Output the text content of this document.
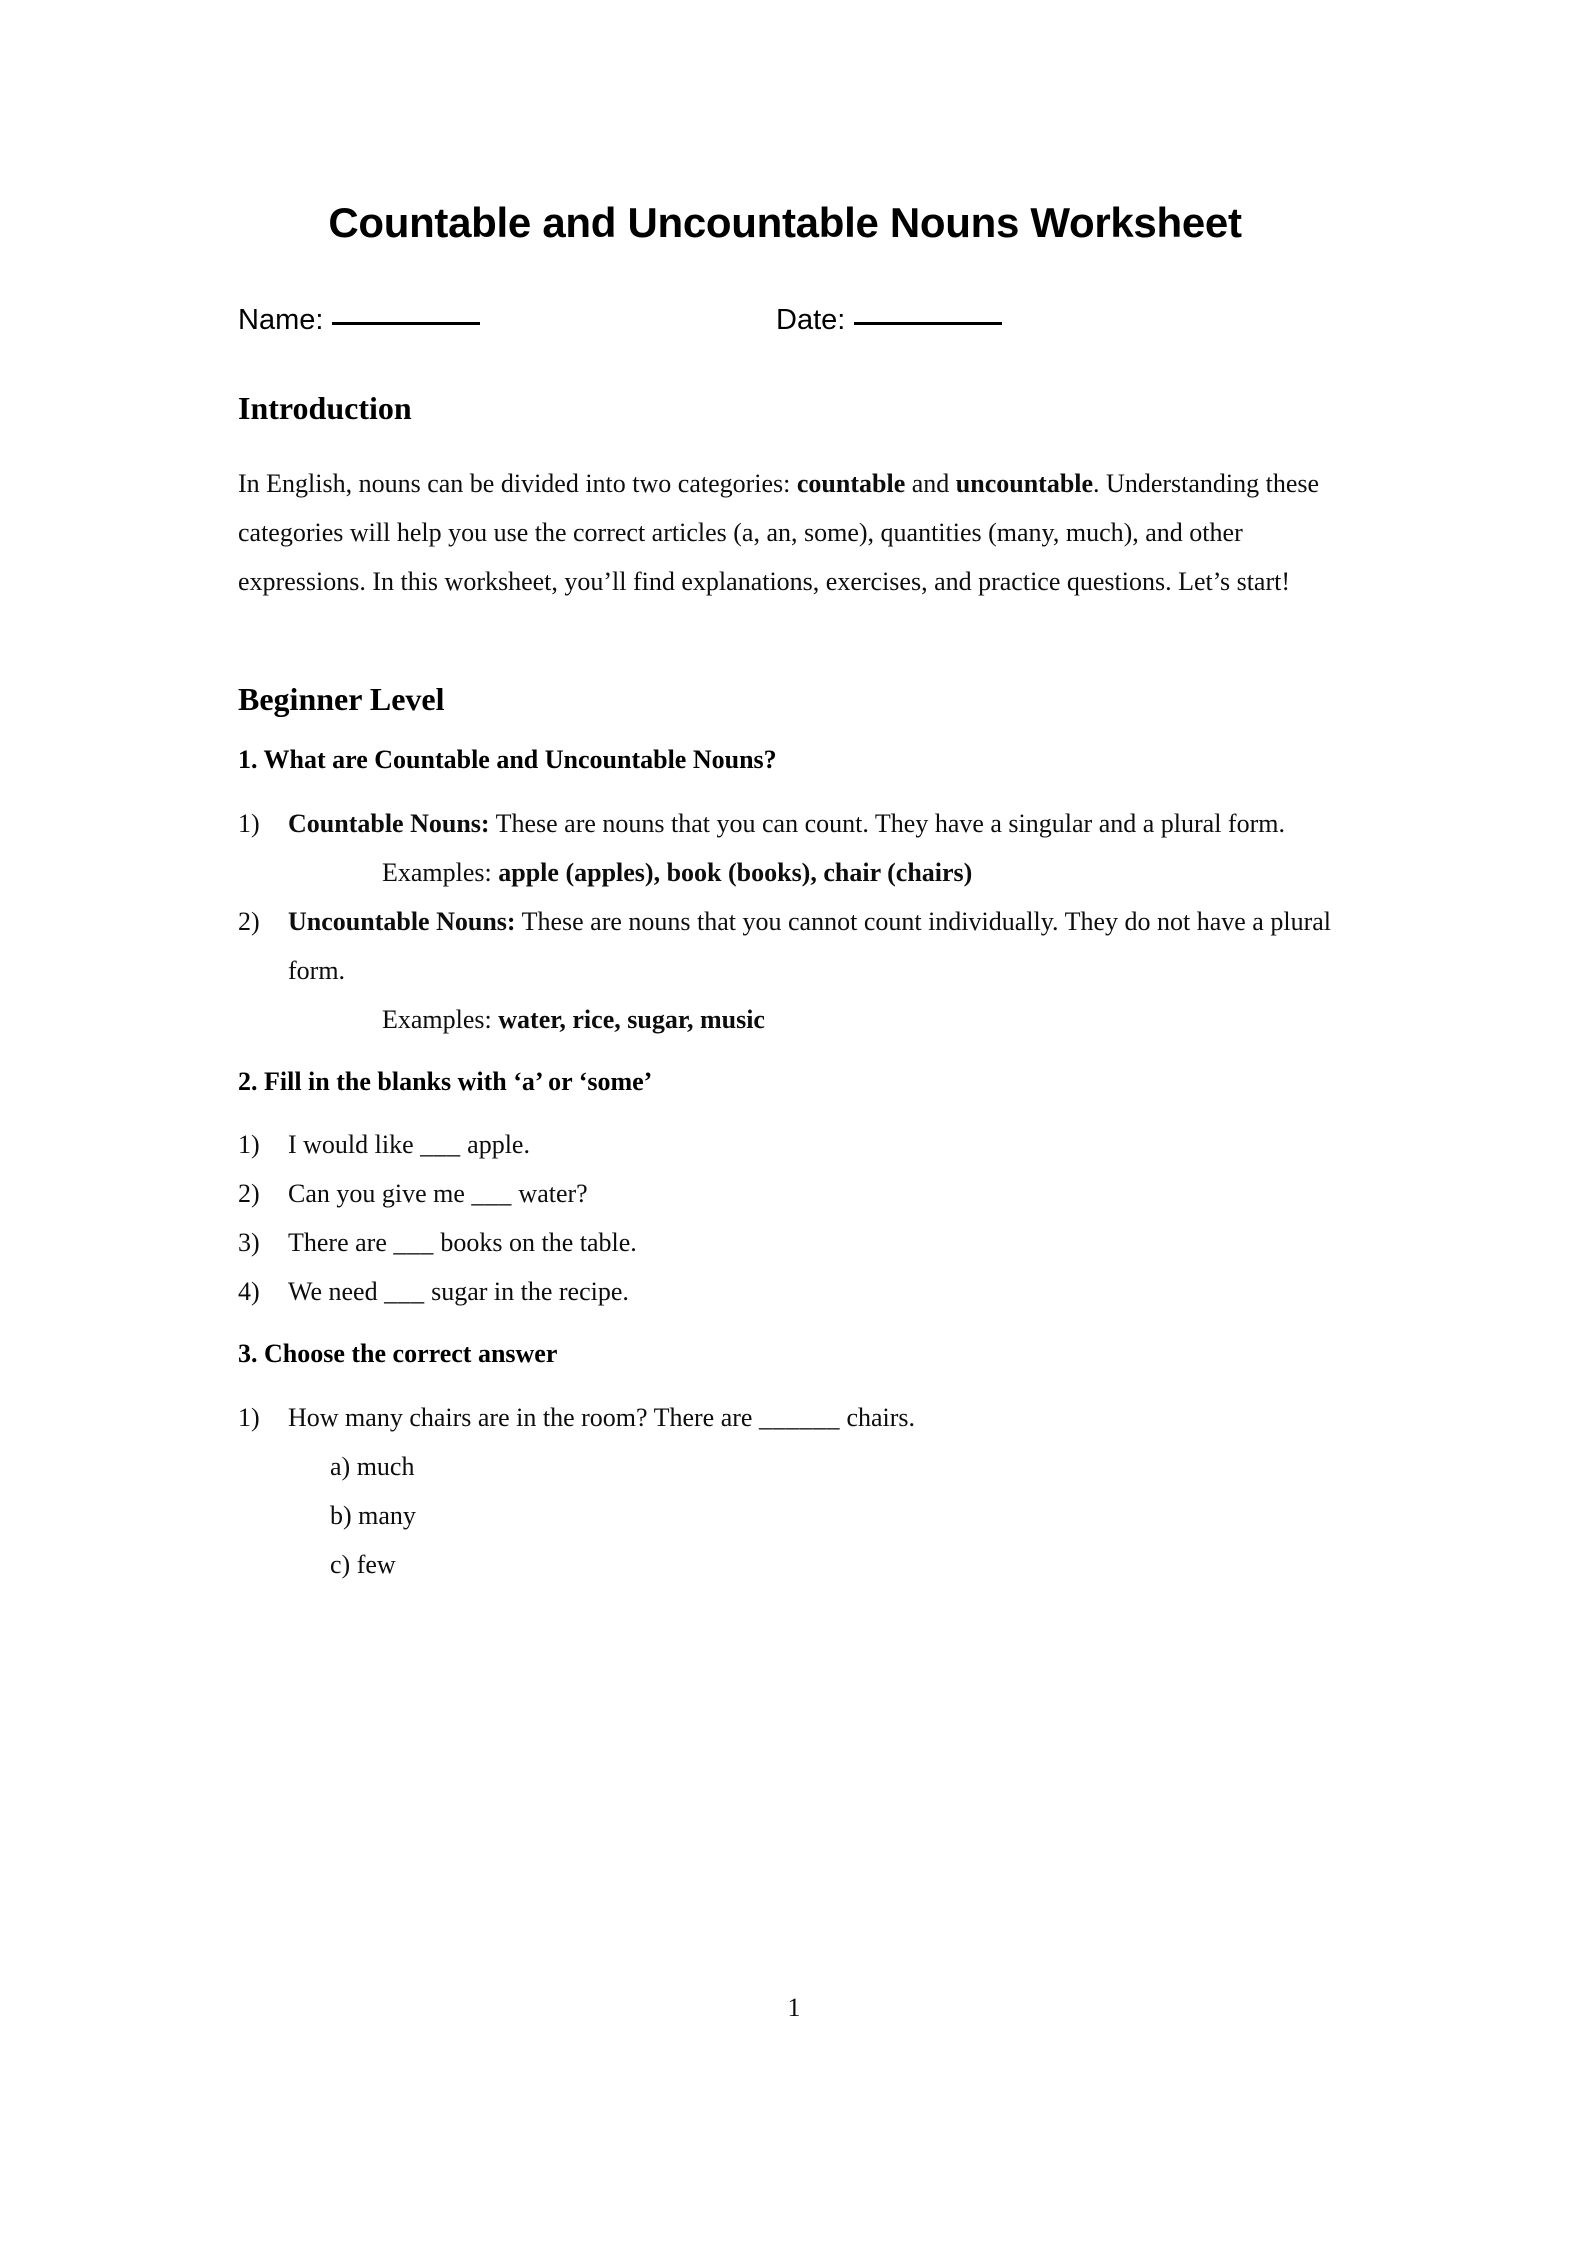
Countable and Uncountable Nouns Worksheet
Name:	Date:
Introduction

In English, nouns can be divided into two categories: countable and uncountable. Understanding these categories will help you use the correct articles (a, an, some), quantities (many, much), and other expressions. In this worksheet, you’ll find explanations, exercises, and practice questions. Let’s start!

Beginner Level
1. What are Countable and Uncountable Nouns?
1)	Countable Nouns: These are nouns that you can count. They have a singular and a plural form.
Examples: apple (apples), book (books), chair (chairs)
2)	Uncountable Nouns: These are nouns that you cannot count individually. They do not have a plural form.
Examples: water, rice, sugar, music
2. Fill in the blanks with ‘a’ or ‘some’
1)	I would like ___ apple.
2)	Can you give me ___ water?
3)	There are ___ books on the table.
4)	We need ___ sugar in the recipe.
3. Choose the correct answer
1)	How many chairs are in the room? There are ______ chairs.
a) much
b) many
c) few
1
